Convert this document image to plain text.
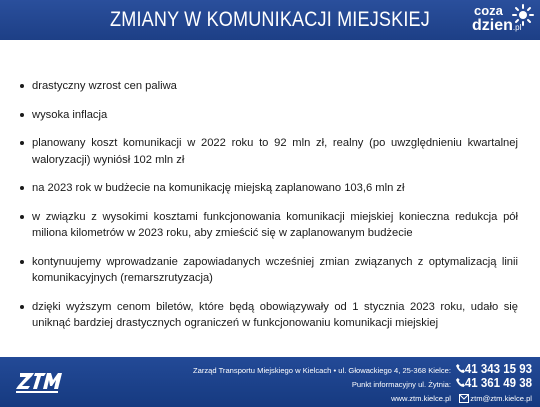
ZMIANY W KOMUNIKACJI MIEJSKIEJ	coza
dzien.pl
drastyczny wzrost cen paliwa
wysoka inflacja
planowany koszt komunikacji w 2022 roku to 92 mln zł, realny (po uwzględnieniu kwartalnej waloryzacji) wyniósł 102 mln zł
na 2023 rok w budżecie na komunikację miejską zaplanowano 103,6 mln zł
w związku z wysokimi kosztami funkcjonowania komunikacji miejskiej konieczna redukcja pół miliona kilometrów w 2023 roku, aby zmieścić się w zaplanowanym budżecie
kontynuujemy wprowadzanie zapowiadanych wcześniej zmian związanych z optymalizacją linii komunikacyjnych (remarszrutyzacja)
dzięki wyższym cenom biletów, które będą obowiązywały od 1 stycznia 2023 roku, udało się uniknąć bardziej drastycznych ograniczeń w funkcjonowaniu komunikacji miejskiej
Zarząd Transportu Miejskiego w Kielcach • ul. Głowackiego 4, 25-368 Kielce: 41 343 15 93
Punkt informacyjny ul. Żytnia: 41 361 49 38
www.ztm.kielce.pl	ztm@ztm.kielce.pl
